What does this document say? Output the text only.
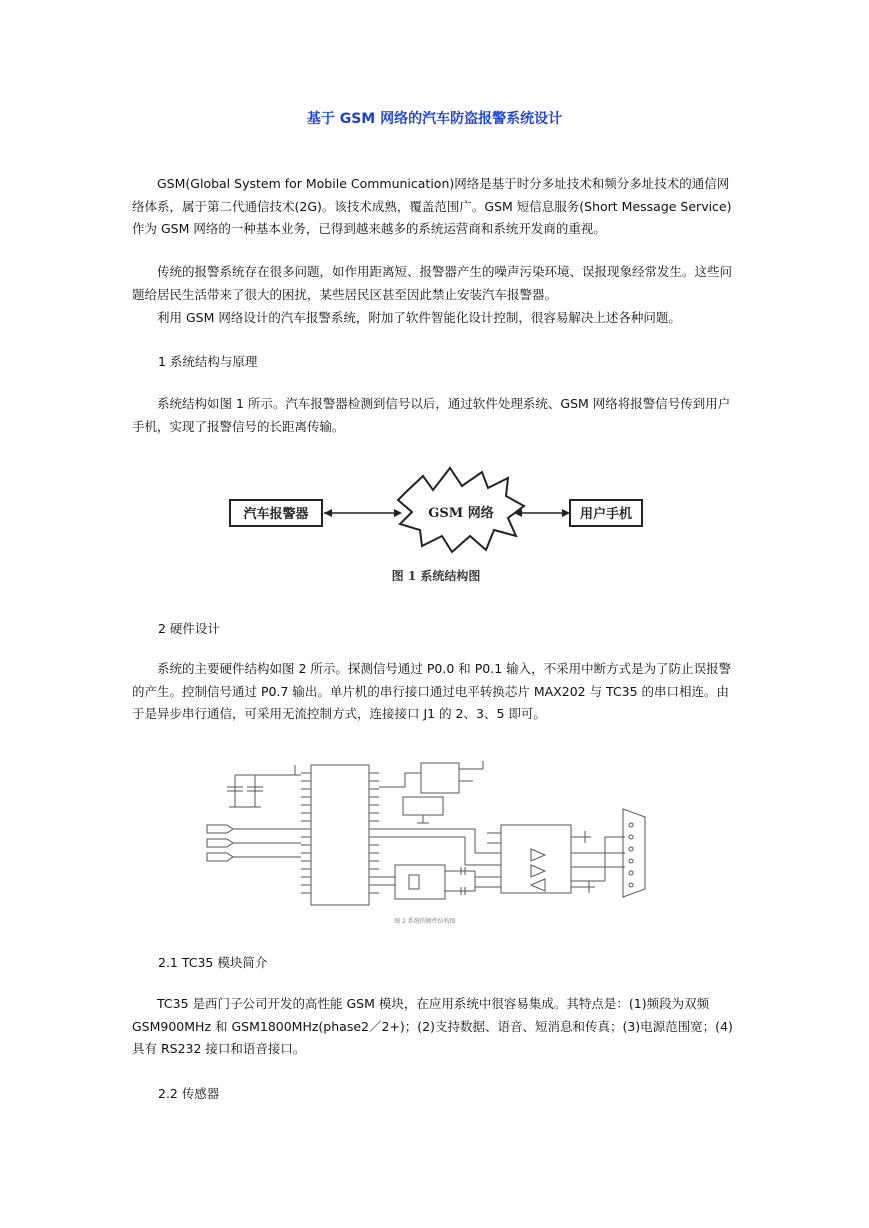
基于 GSM 网络的汽车防盗报警系统设计

　　GSM(Global System for Mobile Communication)网络是基于时分多址技术和频分多址技术的通信网络体系，属于第二代通信技术(2G)。该技术成熟，覆盖范围广。GSM 短信息服务(Short Message Service)作为 GSM 网络的一种基本业务，已得到越来越多的系统运营商和系统开发商的重视。

　　传统的报警系统存在很多问题，如作用距离短、报警器产生的噪声污染环境、误报现象经常发生。这些问题给居民生活带来了很大的困扰，某些居民区甚至因此禁止安装汽车报警器。

　　利用 GSM 网络设计的汽车报警系统，附加了软件智能化设计控制，很容易解决上述各种问题。

1 系统结构与原理

　　系统结构如图 1 所示。汽车报警器检测到信号以后，通过软件处理系统、GSM 网络将报警信号传到用户手机，实现了报警信号的长距离传输。

汽车报警器	GSM 网络	用户手机
图 1 系统结构图
2 硬件设计

　　系统的主要硬件结构如图 2 所示。探测信号通过 P0.0 和 P0.1 输入，不采用中断方式是为了防止误报警的产生。控制信号通过 P0.7 输出。单片机的串行接口通过电平转换芯片 MAX202 与 TC35 的串口相连。由于是异步串行通信，可采用无流控制方式，连接接口 J1 的 2、3、5 即可。

图 2 系统的硬件结构图
2.1 TC35 模块简介

　　TC35 是西门子公司开发的高性能 GSM 模块，在应用系统中很容易集成。其特点是：(1)频段为双频 GSM900MHz 和 GSM1800MHz(phase2／2+)；(2)支持数据、语音、短消息和传真；(3)电源范围宽；(4)具有 RS232 接口和语音接口。

2.2 传感器
